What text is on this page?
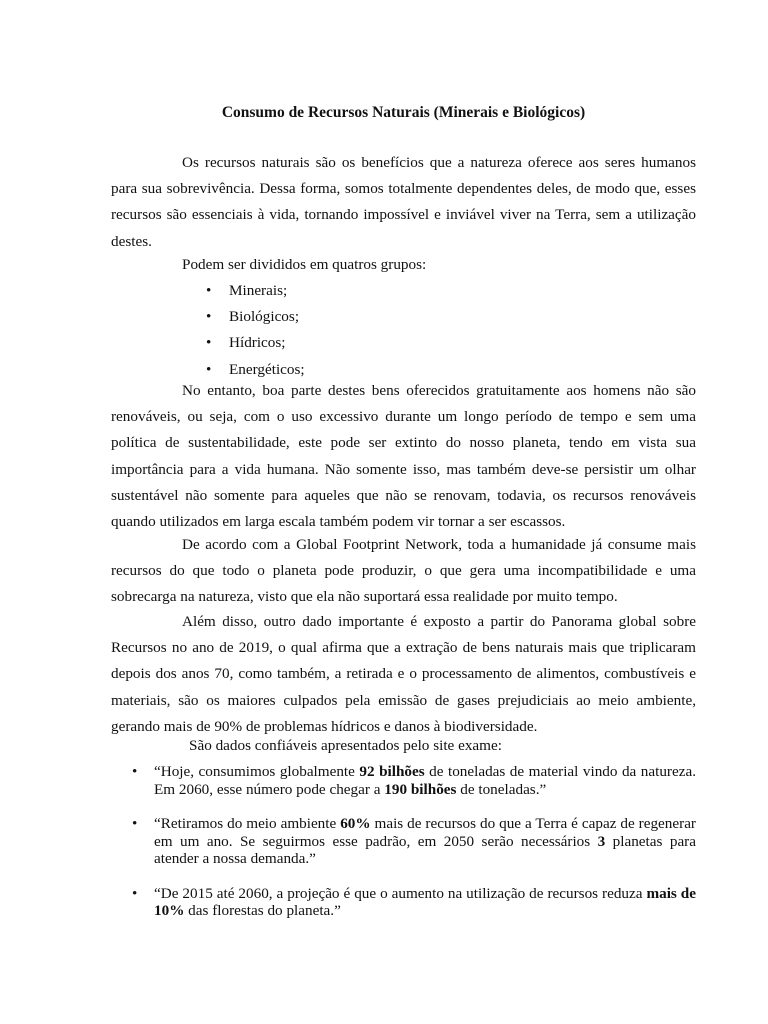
Consumo de Recursos Naturais (Minerais e Biológicos)

Os recursos naturais são os benefícios que a natureza oferece aos seres humanos para sua sobrevivência. Dessa forma, somos totalmente dependentes deles, de modo que, esses recursos são essenciais à vida, tornando impossível e inviável viver na Terra, sem a utilização destes.

Podem ser divididos em quatros grupos:

• Minerais;
• Biológicos;
• Hídricos;
• Energéticos;

No entanto, boa parte destes bens oferecidos gratuitamente aos homens não são renováveis, ou seja, com o uso excessivo durante um longo período de tempo e sem uma política de sustentabilidade, este pode ser extinto do nosso planeta, tendo em vista sua importância para a vida humana. Não somente isso, mas também deve-se persistir um olhar sustentável não somente para aqueles que não se renovam, todavia, os recursos renováveis quando utilizados em larga escala também podem vir tornar a ser escassos.

De acordo com a Global Footprint Network, toda a humanidade já consume mais recursos do que todo o planeta pode produzir, o que gera uma incompatibilidade e uma sobrecarga na natureza, visto que ela não suportará essa realidade por muito tempo.

Além disso, outro dado importante é exposto a partir do Panorama global sobre Recursos no ano de 2019, o qual afirma que a extração de bens naturais mais que triplicaram depois dos anos 70, como também, a retirada e o processamento de alimentos, combustíveis e materiais, são os maiores culpados pela emissão de gases prejudiciais ao meio ambiente, gerando mais de 90% de problemas hídricos e danos à biodiversidade.

São dados confiáveis apresentados pelo site exame:

• “Hoje, consumimos globalmente 92 bilhões de toneladas de material vindo da natureza. Em 2060, esse número pode chegar a 190 bilhões de toneladas.”
• “Retiramos do meio ambiente 60% mais de recursos do que a Terra é capaz de regenerar em um ano. Se seguirmos esse padrão, em 2050 serão necessários 3 planetas para atender a nossa demanda.”
• “De 2015 até 2060, a projeção é que o aumento na utilização de recursos reduza mais de 10% das florestas do planeta.”
